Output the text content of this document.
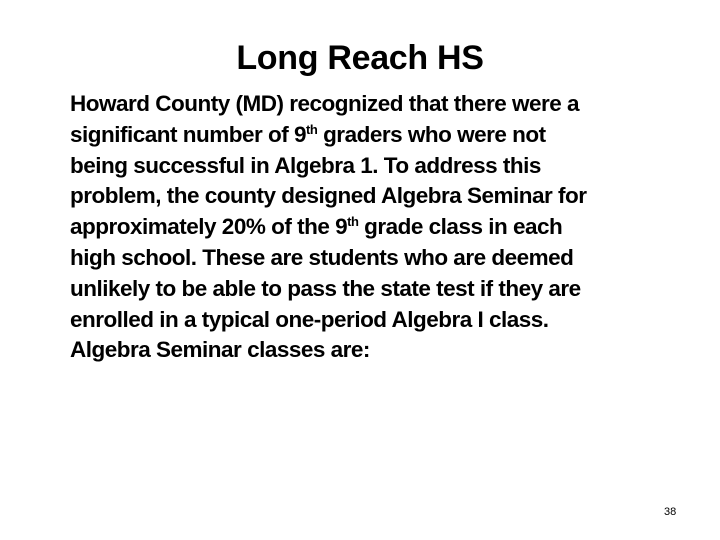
Long Reach HS
Howard County (MD) recognized that there were a
significant number of 9th graders who were not
being successful in Algebra 1. To address this
problem, the county designed Algebra Seminar for
approximately 20% of the 9th grade class in each
high school. These are students who are deemed
unlikely to be able to pass the state test if they are
enrolled in a typical one-period Algebra I class.
Algebra Seminar classes are:
38
